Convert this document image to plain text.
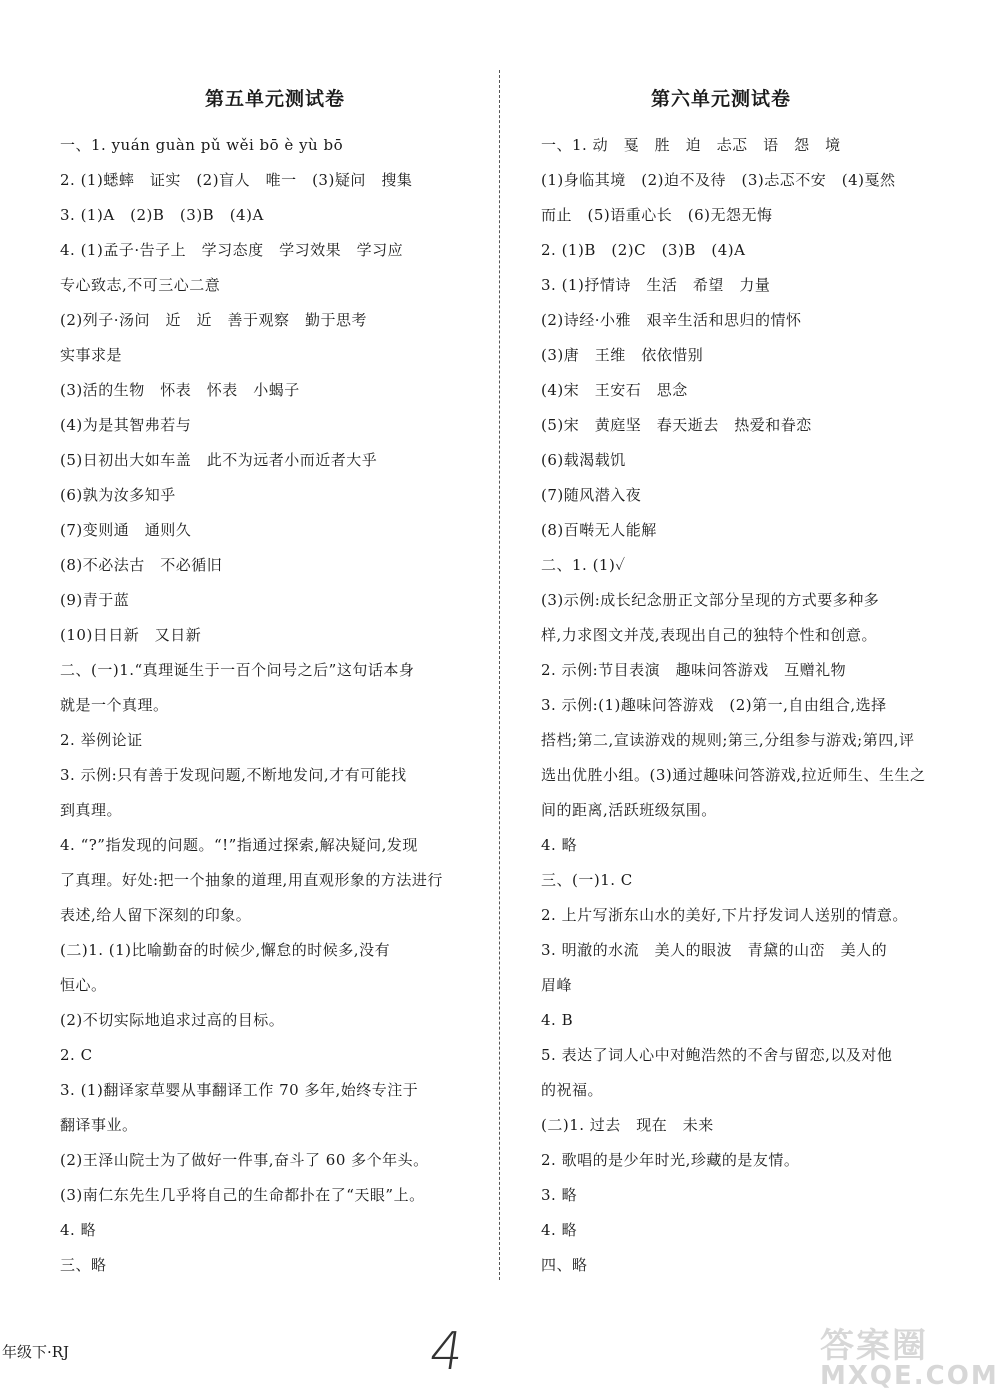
第五单元测试卷
一、1. yuán guàn pǔ wěi bō è yù bō
2. (1)蟋蟀　证实　(2)盲人　唯一　(3)疑问　搜集
3. (1)A　(2)B　(3)B　(4)A
4. (1)孟子·告子上　学习态度　学习效果　学习应
专心致志,不可三心二意
(2)列子·汤问　近　近　善于观察　勤于思考
实事求是
(3)活的生物　怀表　怀表　小蝎子
(4)为是其智弗若与
(5)日初出大如车盖　此不为远者小而近者大乎
(6)孰为汝多知乎
(7)变则通　通则久
(8)不必法古　不必循旧
(9)青于蓝
(10)日日新　又日新
二、(一)1.“真理诞生于一百个问号之后”这句话本身
就是一个真理。
2. 举例论证
3. 示例:只有善于发现问题,不断地发问,才有可能找
到真理。
4. “?”指发现的问题。“!”指通过探索,解决疑问,发现
了真理。好处:把一个抽象的道理,用直观形象的方法进行
表述,给人留下深刻的印象。
(二)1. (1)比喻勤奋的时候少,懈怠的时候多,没有
恒心。
(2)不切实际地追求过高的目标。
2. C
3. (1)翻译家草婴从事翻译工作 70 多年,始终专注于
翻译事业。
(2)王泽山院士为了做好一件事,奋斗了 60 多个年头。
(3)南仁东先生几乎将自己的生命都扑在了“天眼”上。
4. 略
三、略
第六单元测试卷
一、1. 动　戛　胜　迫　忐忑　语　怨　境
(1)身临其境　(2)迫不及待　(3)忐忑不安　(4)戛然
而止　(5)语重心长　(6)无怨无悔
2. (1)B　(2)C　(3)B　(4)A
3. (1)抒情诗　生活　希望　力量
(2)诗经·小雅　艰辛生活和思归的情怀
(3)唐　王维　依依惜别
(4)宋　王安石　思念
(5)宋　黄庭坚　春天逝去　热爱和眷恋
(6)载渴载饥
(7)随风潜入夜
(8)百啭无人能解
二、1. (1)✓
(3)示例:成长纪念册正文部分呈现的方式要多种多
样,力求图文并茂,表现出自己的独特个性和创意。
2. 示例:节目表演　趣味问答游戏　互赠礼物
3. 示例:(1)趣味问答游戏　(2)第一,自由组合,选择
搭档;第二,宣读游戏的规则;第三,分组参与游戏;第四,评
选出优胜小组。(3)通过趣味问答游戏,拉近师生、生生之
间的距离,活跃班级氛围。
4. 略
三、(一)1. C
2. 上片写浙东山水的美好,下片抒发词人送别的情意。
3. 明澈的水流　美人的眼波　青黛的山峦　美人的
眉峰
4. B
5. 表达了词人心中对鲍浩然的不舍与留恋,以及对他
的祝福。
(二)1. 过去　现在　未来
2. 歌唱的是少年时光,珍藏的是友情。
3. 略
4. 略
四、略
年级下·RJ	4	答案圈
MXQE.COM
